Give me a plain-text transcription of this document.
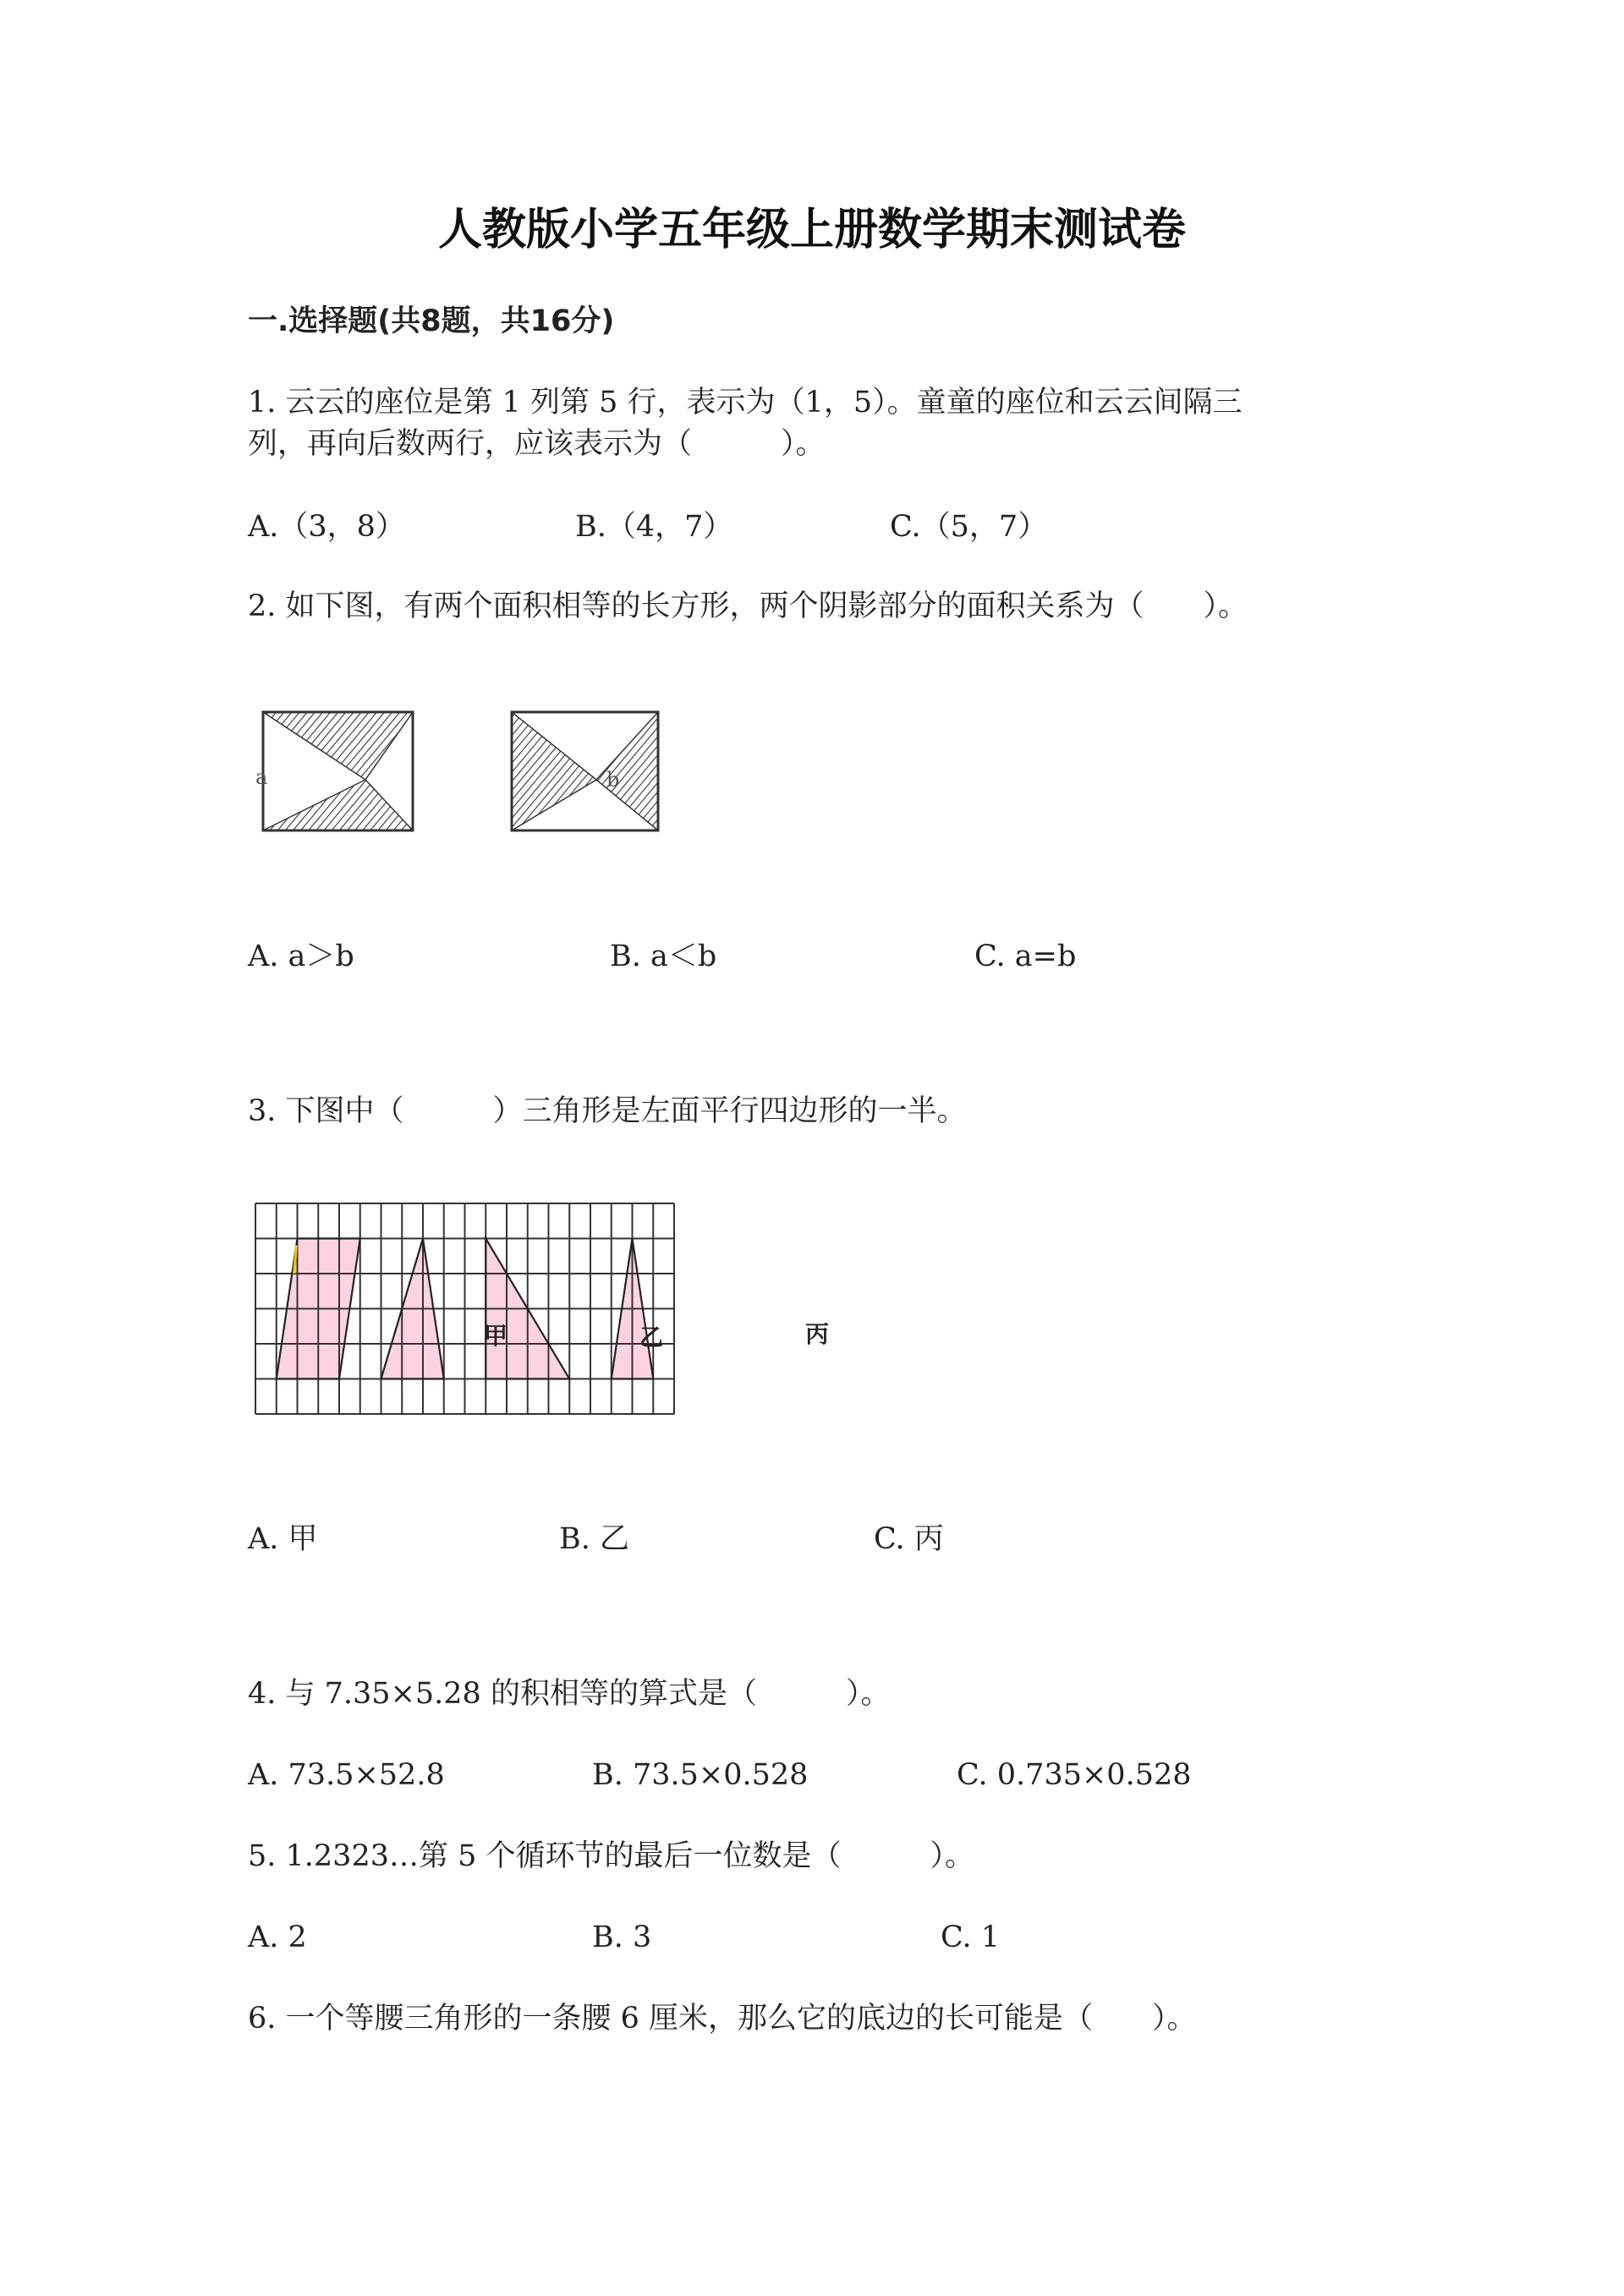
人教版小学五年级上册数学期末测试卷
一.选择题(共8题，共16分)
1. 云云的座位是第 1 列第 5 行，表示为（1，5）。童童的座位和云云间隔三
列，再向后数两行，应该表示为（　　　）。
A.（3，8）	B.（4，7）	C.（5，7）
2. 如下图，有两个面积相等的长方形，两个阴影部分的面积关系为（　　）。
a	b
A. a＞b	B. a＜b	C. a=b
3. 下图中（　　　）三角形是左面平行四边形的一半。
甲	乙	丙
A. 甲	B. 乙	C. 丙
4. 与 7.35×5.28 的积相等的算式是（　　　）。
A. 73.5×52.8	B. 73.5×0.528	C. 0.735×0.528
5. 1.2323…第 5 个循环节的最后一位数是（　　　）。
A. 2	B. 3	C. 1
6. 一个等腰三角形的一条腰 6 厘米，那么它的底边的长可能是（　　）。
